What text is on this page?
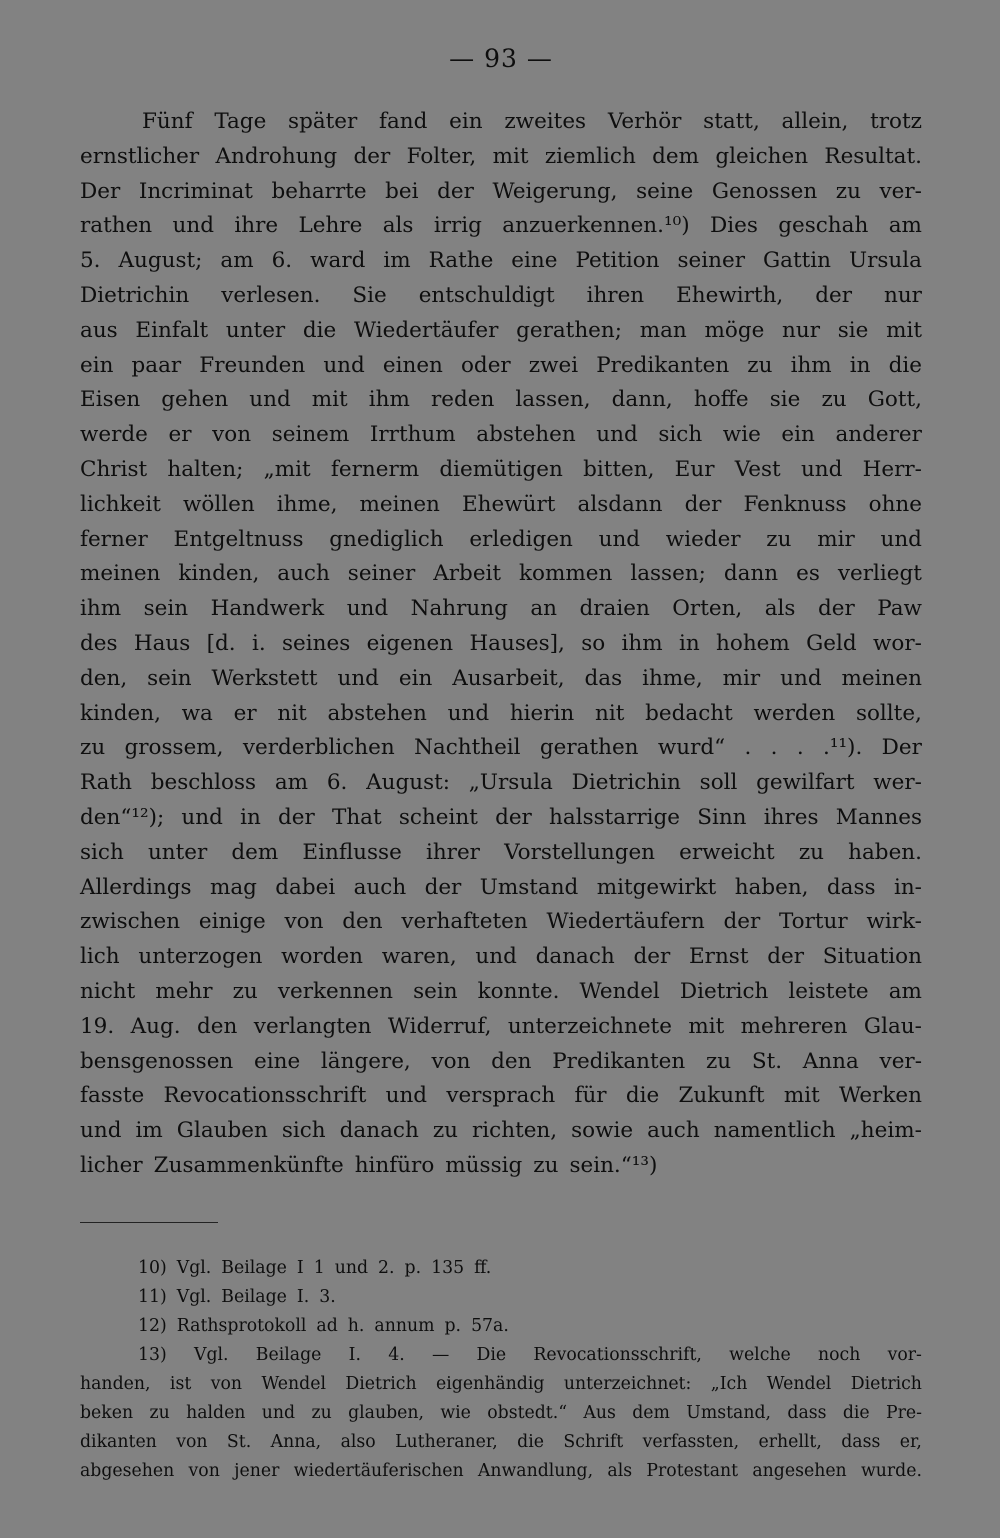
— 93 —
Fünf Tage später fand ein zweites Verhör statt, allein, trotz
ernstlicher Androhung der Folter, mit ziemlich dem gleichen Resultat.
Der Incriminat beharrte bei der Weigerung, seine Genossen zu ver-
rathen und ihre Lehre als irrig anzuerkennen.¹⁰) Dies geschah am
5. August; am 6. ward im Rathe eine Petition seiner Gattin Ursula
Dietrichin verlesen. Sie entschuldigt ihren Ehewirth, der nur
aus Einfalt unter die Wiedertäufer gerathen; man möge nur sie mit
ein paar Freunden und einen oder zwei Predikanten zu ihm in die
Eisen gehen und mit ihm reden lassen, dann, hoffe sie zu Gott,
werde er von seinem Irrthum abstehen und sich wie ein anderer
Christ halten; „mit fernerm diemütigen bitten, Eur Vest und Herr-
lichkeit wöllen ihme, meinen Ehewürt alsdann der Fenknuss ohne
ferner Entgeltnuss gnediglich erledigen und wieder zu mir und
meinen kinden, auch seiner Arbeit kommen lassen; dann es verliegt
ihm sein Handwerk und Nahrung an draien Orten, als der Paw
des Haus [d. i. seines eigenen Hauses], so ihm in hohem Geld wor-
den, sein Werkstett und ein Ausarbeit, das ihme, mir und meinen
kinden, wa er nit abstehen und hierin nit bedacht werden sollte,
zu grossem, verderblichen Nachtheil gerathen wurd“ . . . .¹¹). Der
Rath beschloss am 6. August: „Ursula Dietrichin soll gewilfart wer-
den“¹²); und in der That scheint der halsstarrige Sinn ihres Mannes
sich unter dem Einflusse ihrer Vorstellungen erweicht zu haben.
Allerdings mag dabei auch der Umstand mitgewirkt haben, dass in-
zwischen einige von den verhafteten Wiedertäufern der Tortur wirk-
lich unterzogen worden waren, und danach der Ernst der Situation
nicht mehr zu verkennen sein konnte. Wendel Dietrich leistete am
19. Aug. den verlangten Widerruf, unterzeichnete mit mehreren Glau-
bensgenossen eine längere, von den Predikanten zu St. Anna ver-
fasste Revocationsschrift und versprach für die Zukunft mit Werken
und im Glauben sich danach zu richten, sowie auch namentlich „heim-
licher Zusammenkünfte hinfüro müssig zu sein.“¹³)
10) Vgl. Beilage I 1 und 2. p. 135 ff.
11) Vgl. Beilage I. 3.
12) Rathsprotokoll ad h. annum p. 57a.
13) Vgl. Beilage I. 4. — Die Revocationsschrift, welche noch vor-
handen, ist von Wendel Dietrich eigenhändig unterzeichnet: „Ich Wendel Dietrich
beken zu halden und zu glauben, wie obstedt.“ Aus dem Umstand, dass die Pre-
dikanten von St. Anna, also Lutheraner, die Schrift verfassten, erhellt, dass er,
abgesehen von jener wiedertäuferischen Anwandlung, als Protestant angesehen wurde.
